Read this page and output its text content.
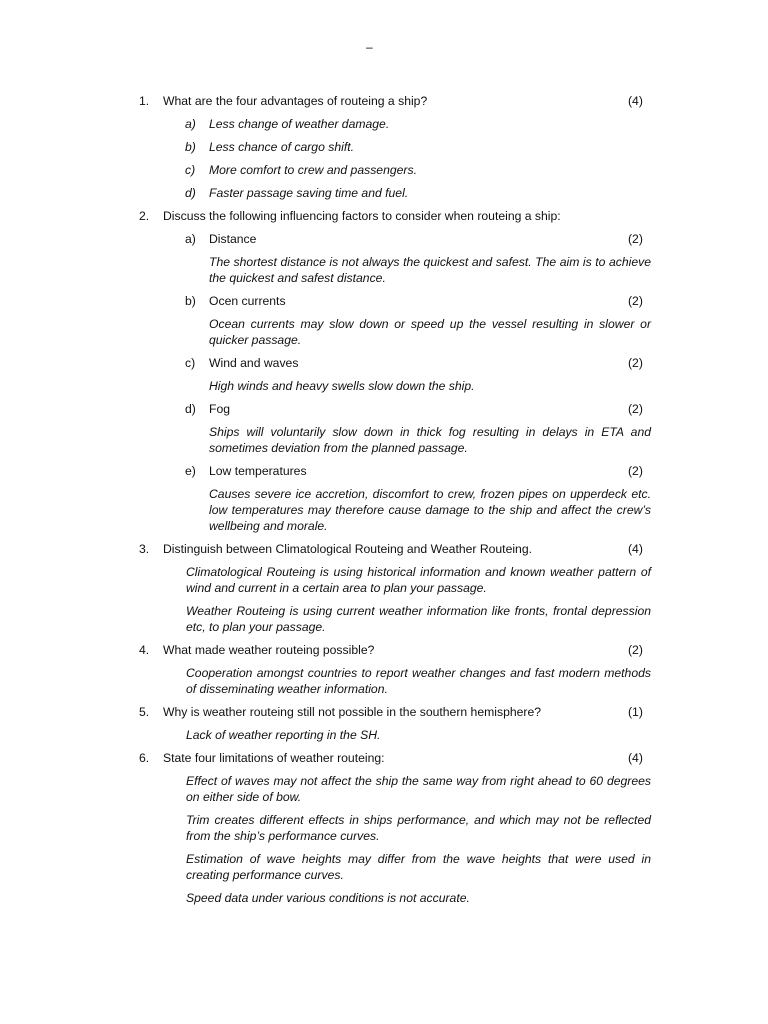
–
1. What are the four advantages of routeing a ship?	(4)
a) Less change of weather damage.
b) Less chance of cargo shift.
c) More comfort to crew and passengers.
d) Faster passage saving time and fuel.
2. Discuss the following influencing factors to consider when routeing a ship:
a) Distance	(2)
The shortest distance is not always the quickest and safest. The aim is to achieve the quickest and safest distance.
b) Ocen currents	(2)
Ocean currents may slow down or speed up the vessel resulting in slower or quicker passage.
c) Wind and waves	(2)
High winds and heavy swells slow down the ship.
d) Fog	(2)
Ships will voluntarily slow down in thick fog resulting in delays in ETA and sometimes deviation from the planned passage.
e) Low temperatures	(2)
Causes severe ice accretion, discomfort to crew, frozen pipes on upperdeck etc. low temperatures may therefore cause damage to the ship and affect the crew’s wellbeing and morale.
3. Distinguish between Climatological Routeing and Weather Routeing.	(4)
Climatological Routeing is using historical information and known weather pattern of wind and current in a certain area to plan your passage.
Weather Routeing is using current weather information like fronts, frontal depression etc, to plan your passage.
4. What made weather routeing possible?	(2)
Cooperation amongst countries to report weather changes and fast modern methods of disseminating weather information.
5. Why is weather routeing still not possible in the southern hemisphere?	(1)
Lack of weather reporting in the SH.
6. State four limitations of weather routeing:	(4)
Effect of waves may not affect the ship the same way from right ahead to 60 degrees on either side of bow.
Trim creates different effects in ships performance, and which may not be reflected from the ship’s performance curves.
Estimation of wave heights may differ from the wave heights that were used in creating performance curves.
Speed data under various conditions is not accurate.
